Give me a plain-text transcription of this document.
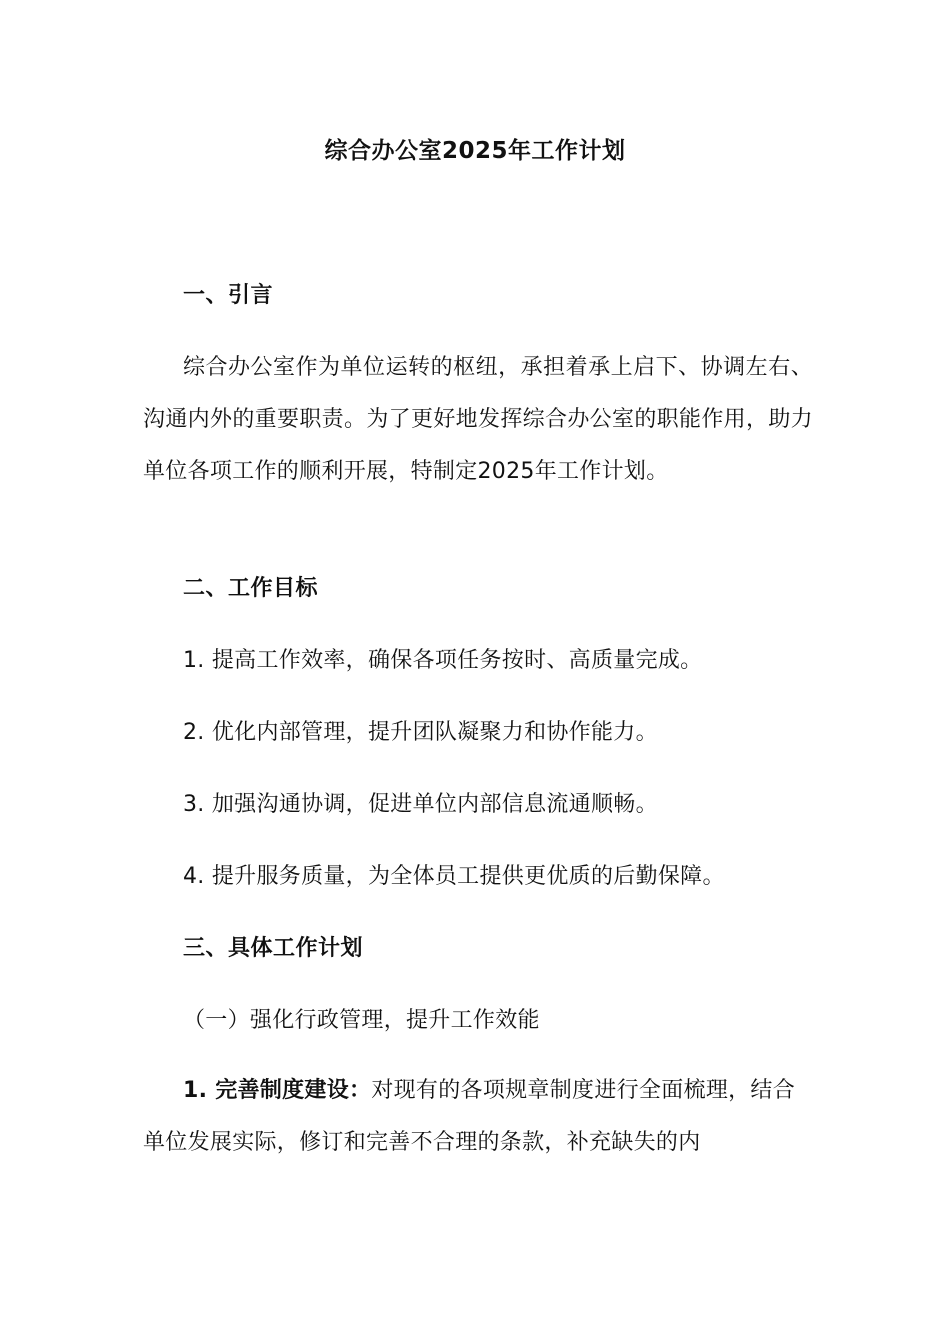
综合办公室2025年工作计划
一、引言
综合办公室作为单位运转的枢纽，承担着承上启下、协调左右、沟通内外的重要职责。为了更好地发挥综合办公室的职能作用，助力单位各项工作的顺利开展，特制定2025年工作计划。
二、工作目标
1. 提高工作效率，确保各项任务按时、高质量完成。
2. 优化内部管理，提升团队凝聚力和协作能力。
3. 加强沟通协调，促进单位内部信息流通顺畅。
4. 提升服务质量，为全体员工提供更优质的后勤保障。
三、具体工作计划
（一）强化行政管理，提升工作效能
1. 完善制度建设：对现有的各项规章制度进行全面梳理，结合单位发展实际，修订和完善不合理的条款，补充缺失的内
